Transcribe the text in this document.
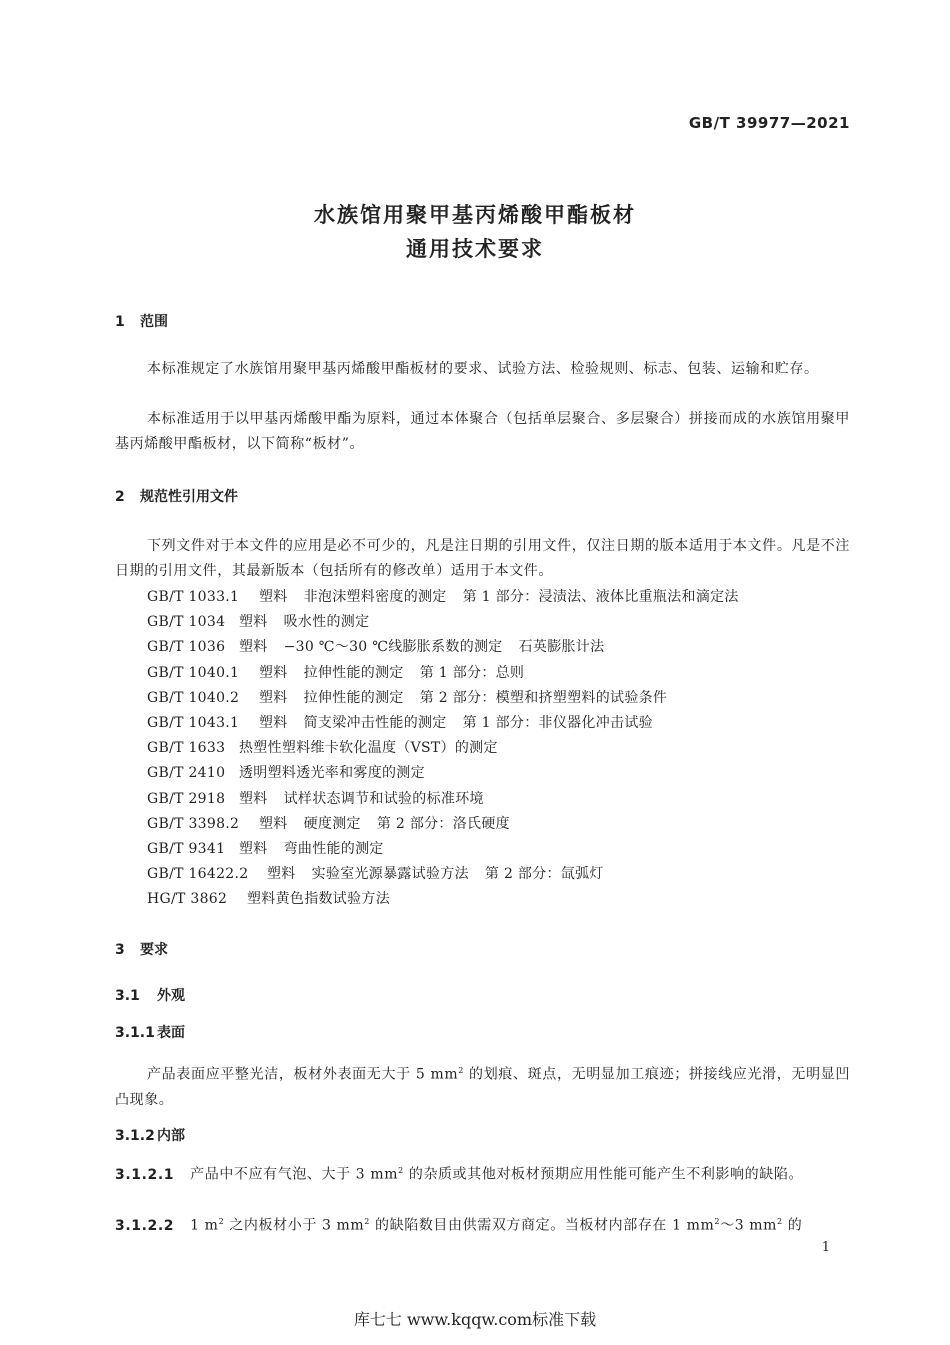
GB/T 39977—2021
水族馆用聚甲基丙烯酸甲酯板材
通用技术要求
1 范围
本标准规定了水族馆用聚甲基丙烯酸甲酯板材的要求、试验方法、检验规则、标志、包装、运输和贮存。
本标准适用于以甲基丙烯酸甲酯为原料，通过本体聚合（包括单层聚合、多层聚合）拼接而成的水族馆用聚甲基丙烯酸甲酯板材，以下简称“板材”。
2 规范性引用文件
下列文件对于本文件的应用是必不可少的，凡是注日期的引用文件，仅注日期的版本适用于本文件。凡是不注日期的引用文件，其最新版本（包括所有的修改单）适用于本文件。
GB/T 1033.1 塑料 非泡沫塑料密度的测定 第 1 部分：浸渍法、液体比重瓶法和滴定法
GB/T 1034 塑料 吸水性的测定
GB/T 1036 塑料 −30 ℃～30 ℃线膨胀系数的测定 石英膨胀计法
GB/T 1040.1 塑料 拉伸性能的测定 第 1 部分：总则
GB/T 1040.2 塑料 拉伸性能的测定 第 2 部分：模塑和挤塑塑料的试验条件
GB/T 1043.1 塑料 简支梁冲击性能的测定 第 1 部分：非仪器化冲击试验
GB/T 1633 热塑性塑料维卡软化温度（VST）的测定
GB/T 2410 透明塑料透光率和雾度的测定
GB/T 2918 塑料 试样状态调节和试验的标准环境
GB/T 3398.2 塑料 硬度测定 第 2 部分：洛氏硬度
GB/T 9341 塑料 弯曲性能的测定
GB/T 16422.2 塑料 实验室光源暴露试验方法 第 2 部分：氙弧灯
HG/T 3862 塑料黄色指数试验方法
3 要求
3.1 外观
3.1.1 表面
产品表面应平整光洁，板材外表面无大于 5 $mm^2$ 的划痕、斑点，无明显加工痕迹；拼接线应光滑，无明显凹凸现象。
3.1.2 内部
3.1.2.1 产品中不应有气泡、大于 3 $mm^2$ 的杂质或其他对板材预期应用性能可能产生不利影响的缺陷。
3.1.2.2 1 $m^2$ 之内板材小于 3 $mm^2$ 的缺陷数目由供需双方商定。当板材内部存在 1 $mm^2\sim 3$ $mm^2$ 的
1
库七七 www.kqqw.com标准下载
